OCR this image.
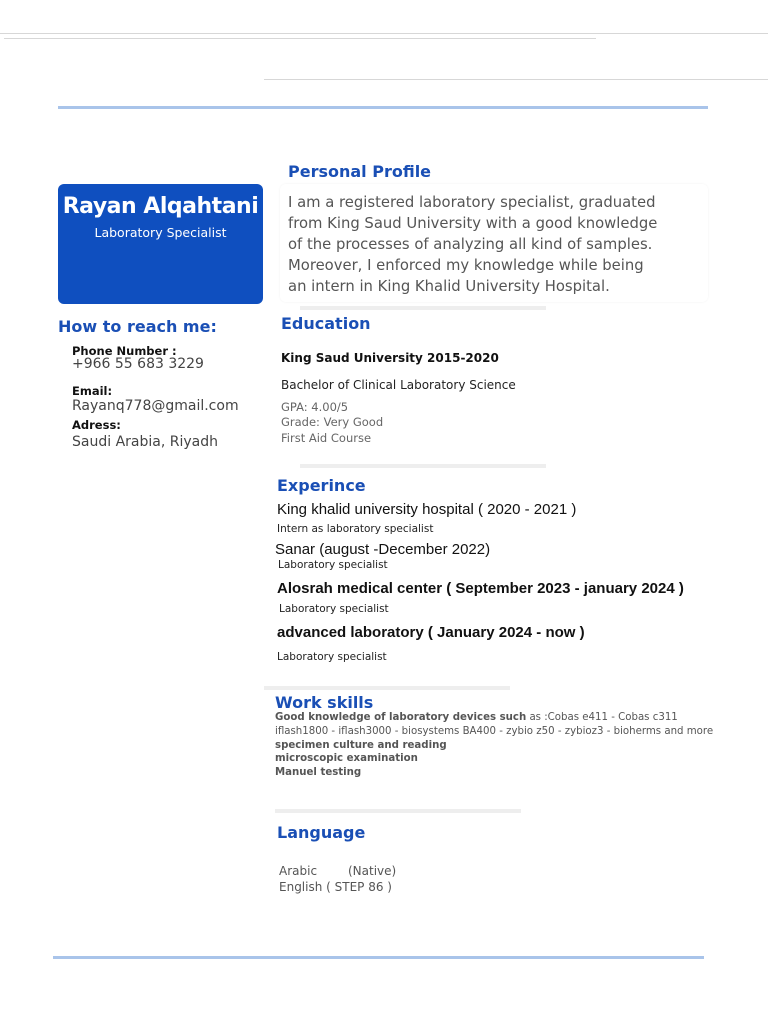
Rayan Alqahtani
Laboratory Specialist
How to reach me:
Phone Number :
+966 55 683 3229
Email:
Rayanq778@gmail.com
Adress:
Saudi Arabia, Riyadh
Personal Profile
I am a registered laboratory specialist, graduated
from King Saud University with a good knowledge
of the processes of analyzing all kind of samples.
Moreover, I enforced my knowledge while being
an intern in King Khalid University Hospital.
Education
King Saud University 2015-2020
Bachelor of Clinical Laboratory Science
GPA: 4.00/5
Grade: Very Good
First Aid Course
Experince
King khalid university hospital ( 2020 - 2021 )
Intern as laboratory specialist
Sanar (august -December 2022)
Laboratory specialist
Alosrah medical center ( September 2023 - january 2024 )
Laboratory specialist
advanced laboratory ( January 2024 - now )
Laboratory specialist
Work skills
Good knowledge of laboratory devices such as :Cobas e411 - Cobas c311
iflash1800 - iflash3000 - biosystems BA400 - zybio z50 - zybioz3 - bioherms and more
specimen culture and reading
microscopic examination
Manuel testing
Language
Arabic	(Native)
English ( STEP 86 )
